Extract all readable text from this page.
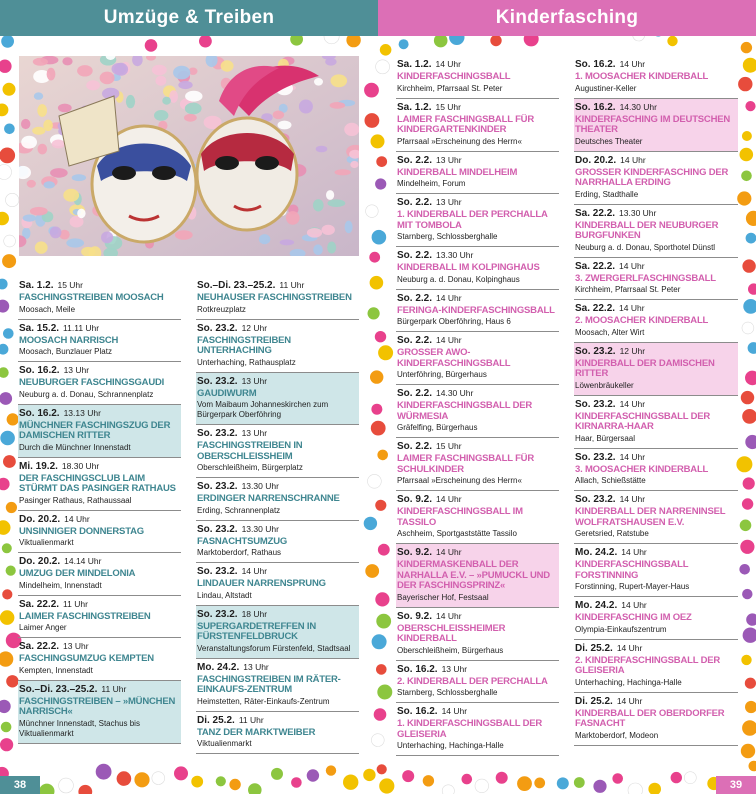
Umzüge & Treiben	Kinderfasching
Sa. 1.2. 15 Uhr
FASCHINGSTREIBEN MOOSACH
Moosach, Meile
Sa. 15.2. 11.11 Uhr
MOOSACH NARRISCH
Moosach, Bunzlauer Platz
So. 16.2. 13 Uhr
NEUBURGER FASCHINGSGAUDI
Neuburg a. d. Donau, Schrannenplatz
So. 16.2. 13.13 Uhr
MÜNCHNER FASCHINGSZUG DER DAMISCHEN RITTER
Durch die Münchner Innenstadt
Mi. 19.2. 18.30 Uhr
DER FASCHINGSCLUB LAIM STÜRMT DAS PASINGER RATHAUS
Pasinger Rathaus, Rathaussaal
Do. 20.2. 14 Uhr
UNSINNIGER DONNERSTAG
Viktualienmarkt
Do. 20.2. 14.14 Uhr
UMZUG DER MINDELONIA
Mindelheim, Innenstadt
Sa. 22.2. 11 Uhr
LAIMER FASCHINGSTREIBEN
Laimer Anger
Sa. 22.2. 13 Uhr
FASCHINGSUMZUG KEMPTEN
Kempten, Innenstadt
So.–Di. 23.–25.2. 11 Uhr
FASCHINGSTREIBEN – »MÜNCHEN NARRISCH«
Münchner Innenstadt, Stachus bis Viktualienmarkt
So.–Di. 23.–25.2. 11 Uhr
NEUHAUSER FASCHINGSTREIBEN
Rotkreuzplatz
So. 23.2. 12 Uhr
FASCHINGSTREIBEN UNTERHACHING
Unterhaching, Rathausplatz
So. 23.2. 13 Uhr
GAUDIWURM
Vom Maibaum Johanneskirchen zum Bürgerpark Oberföhring
So. 23.2. 13 Uhr
FASCHINGSTREIBEN IN OBERSCHLEISSHEIM
Oberschleißheim, Bürgerplatz
So. 23.2. 13.30 Uhr
ERDINGER NARRENSCHRANNE
Erding, Schrannenplatz
So. 23.2. 13.30 Uhr
FASNACHTSUMZUG
Marktoberdorf, Rathaus
So. 23.2. 14 Uhr
LINDAUER NARRENSPRUNG
Lindau, Altstadt
So. 23.2. 18 Uhr
SUPERGARDETREFFEN IN FÜRSTENFELDBRUCK
Veranstaltungsforum Fürstenfeld, Stadtsaal
Mo. 24.2. 13 Uhr
FASCHINGSTREIBEN IM RÄTER-EINKAUFS-ZENTRUM
Heimstetten, Räter-Einkaufs-Zentrum
Di. 25.2. 11 Uhr
TANZ DER MARKTWEIBER
Viktualienmarkt
Sa. 1.2. 14 Uhr
KINDERFASCHINGSBALL
Kirchheim, Pfarrsaal St. Peter
Sa. 1.2. 15 Uhr
LAIMER FASCHINGSBALL FÜR KINDERGARTENKINDER
Pfarrsaal »Erscheinung des Herrn«
So. 2.2. 13 Uhr
KINDERBALL MINDELHEIM
Mindelheim, Forum
So. 2.2. 13 Uhr
1. KINDERBALL DER PERCHALLA MIT TOMBOLA
Starnberg, Schlossberghalle
So. 2.2. 13.30 Uhr
KINDERBALL IM KOLPINGHAUS
Neuburg a. d. Donau, Kolpinghaus
So. 2.2. 14 Uhr
FERINGA-KINDERFASCHINGSBALL
Bürgerpark Oberföhring, Haus 6
So. 2.2. 14 Uhr
GROSSER AWO-KINDERFASCHINGSBALL
Unterföhring, Bürgerhaus
So. 2.2. 14.30 Uhr
KINDERFASCHINGSBALL DER WÜRMESIA
Gräfelfing, Bürgerhaus
So. 2.2. 15 Uhr
LAIMER FASCHINGSBALL FÜR SCHULKINDER
Pfarrsaal »Erscheinung des Herrn«
So. 9.2. 14 Uhr
KINDERFASCHINGSBALL IM TASSILO
Aschheim, Sportgaststätte Tassilo
So. 9.2. 14 Uhr
KINDERMASKENBALL DER NARHALLA E.V. – »PUMUCKL UND DER FASCHINGSPRINZ«
Bayerischer Hof, Festsaal
So. 9.2. 14 Uhr
OBERSCHLEISSHEIMER KINDERBALL
Oberschleißheim, Bürgerhaus
So. 16.2. 13 Uhr
2. KINDERBALL DER PERCHALLA
Starnberg, Schlossberghalle
So. 16.2. 14 Uhr
1. KINDERFASCHINGSBALL DER GLEISERIA
Unterhaching, Hachinga-Halle
So. 16.2. 14 Uhr
1. MOOSACHER KINDERBALL
Augustiner-Keller
So. 16.2. 14.30 Uhr
KINDERFASCHING IM DEUTSCHEN THEATER
Deutsches Theater
Do. 20.2. 14 Uhr
GROSSER KINDERFASCHING DER NARRHALLA ERDING
Erding, Stadthalle
Sa. 22.2. 13.30 Uhr
KINDERBALL DER NEUBURGER BURGFUNKEN
Neuburg a. d. Donau, Sporthotel Dünstl
Sa. 22.2. 14 Uhr
3. ZWERGERLFASCHINGSBALL
Kirchheim, Pfarrsaal St. Peter
Sa. 22.2. 14 Uhr
2. MOOSACHER KINDERBALL
Moosach, Alter Wirt
So. 23.2. 12 Uhr
KINDERBALL DER DAMISCHEN RITTER
Löwenbräukeller
So. 23.2. 14 Uhr
KINDERFASCHINGSBALL DER KIRNARRA-HAAR
Haar, Bürgersaal
So. 23.2. 14 Uhr
3. MOOSACHER KINDERBALL
Allach, Schießstätte
So. 23.2. 14 Uhr
KINDERBALL DER NARRENINSEL WOLFRATSHAUSEN E.V.
Geretsried, Ratstube
Mo. 24.2. 14 Uhr
KINDERFASCHINGSBALL FORSTINNING
Forstinning, Rupert-Mayer-Haus
Mo. 24.2. 14 Uhr
KINDERFASCHING IM OEZ
Olympia-Einkaufszentrum
Di. 25.2. 14 Uhr
2. KINDERFASCHINGSBALL DER GLEISERIA
Unterhaching, Hachinga-Halle
Di. 25.2. 14 Uhr
KINDERBALL DER OBERDORFER FASNACHT
Marktoberdorf, Modeon
38	39
